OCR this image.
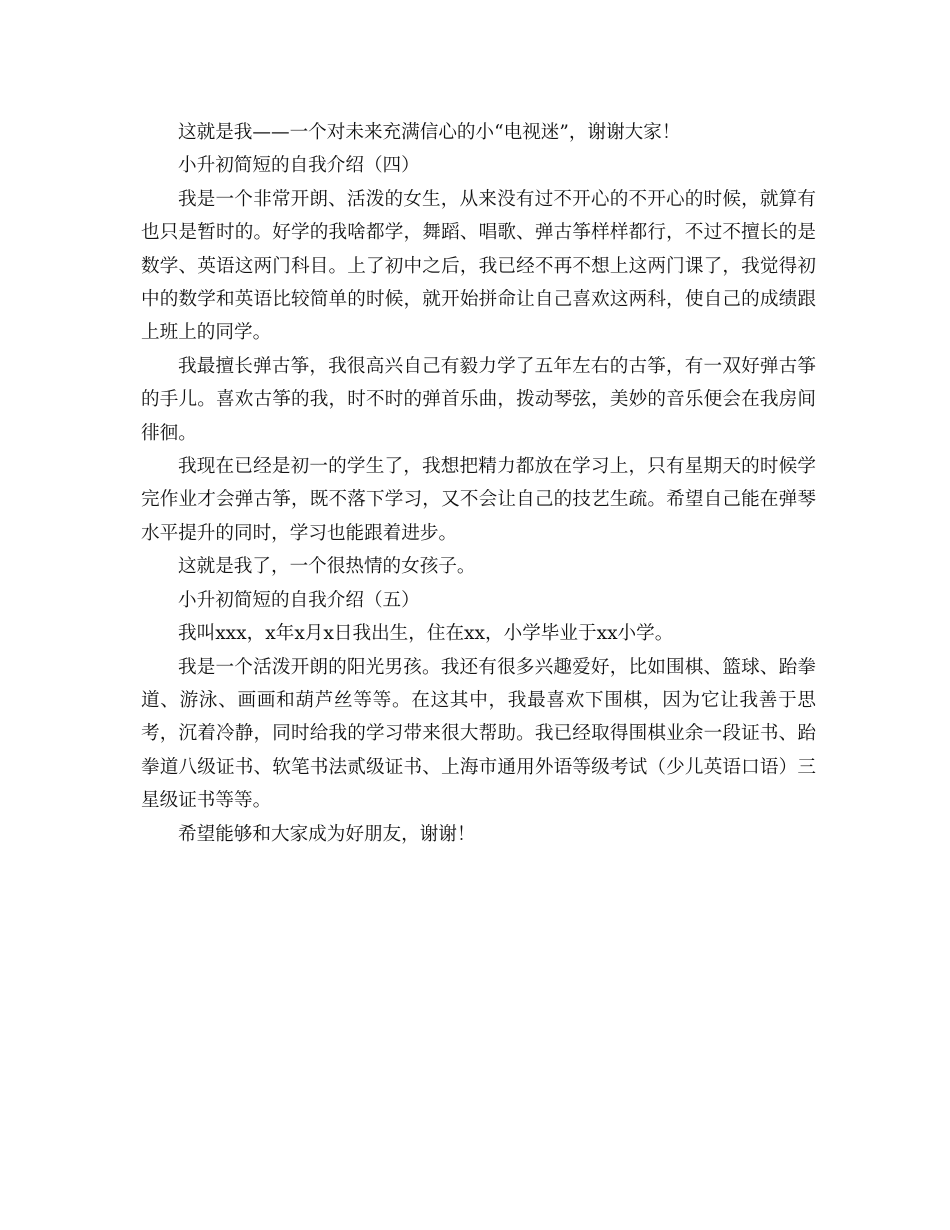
这就是我——一个对未来充满信心的小“电视迷”，谢谢大家！

小升初简短的自我介绍（四）

我是一个非常开朗、活泼的女生，从来没有过不开心的不开心的时候，就算有也只是暂时的。好学的我啥都学，舞蹈、唱歌、弹古筝样样都行，不过不擅长的是数学、英语这两门科目。上了初中之后，我已经不再不想上这两门课了，我觉得初中的数学和英语比较简单的时候，就开始拼命让自己喜欢这两科，使自己的成绩跟上班上的同学。

我最擅长弹古筝，我很高兴自己有毅力学了五年左右的古筝，有一双好弹古筝的手儿。喜欢古筝的我，时不时的弹首乐曲，拨动琴弦，美妙的音乐便会在我房间徘徊。

我现在已经是初一的学生了，我想把精力都放在学习上，只有星期天的时候学完作业才会弹古筝，既不落下学习，又不会让自己的技艺生疏。希望自己能在弹琴水平提升的同时，学习也能跟着进步。

这就是我了，一个很热情的女孩子。

小升初简短的自我介绍（五）

我叫xxx，x年x月x日我出生，住在xx，小学毕业于xx小学。

我是一个活泼开朗的阳光男孩。我还有很多兴趣爱好，比如围棋、篮球、跆拳道、游泳、画画和葫芦丝等等。在这其中，我最喜欢下围棋，因为它让我善于思考，沉着冷静，同时给我的学习带来很大帮助。我已经取得围棋业余一段证书、跆拳道八级证书、软笔书法贰级证书、上海市通用外语等级考试（少儿英语口语）三星级证书等等。

希望能够和大家成为好朋友，谢谢！
